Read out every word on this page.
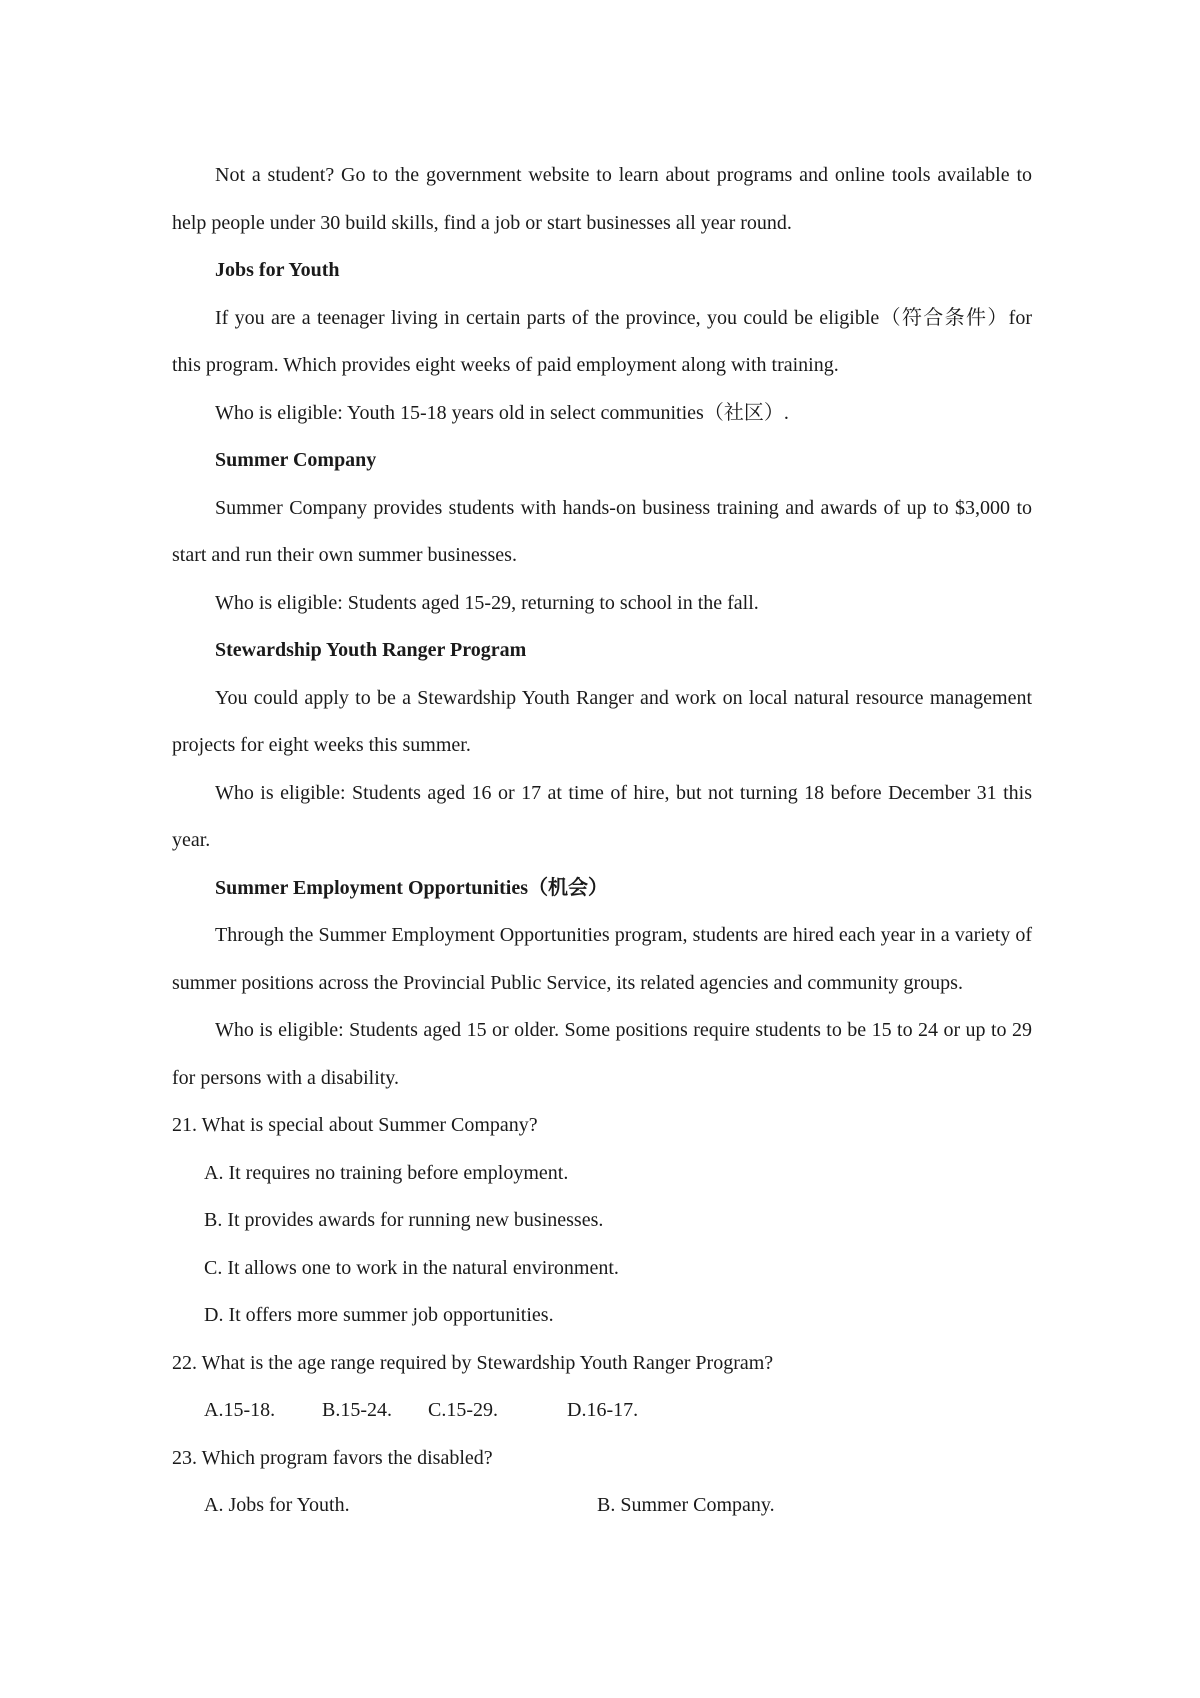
Not a student? Go to the government website to learn about programs and online tools available to help people under 30 build skills, find a job or start businesses all year round.

Jobs for Youth

If you are a teenager living in certain parts of the province, you could be eligible（符合条件）for this program. Which provides eight weeks of paid employment along with training.

Who is eligible: Youth 15-18 years old in select communities（社区）.

Summer Company

Summer Company provides students with hands-on business training and awards of up to $3,000 to start and run their own summer businesses.

Who is eligible: Students aged 15-29, returning to school in the fall.

Stewardship Youth Ranger Program

You could apply to be a Stewardship Youth Ranger and work on local natural resource management projects for eight weeks this summer.

Who is eligible: Students aged 16 or 17 at time of hire, but not turning 18 before December 31 this year.

Summer Employment Opportunities（机会）

Through the Summer Employment Opportunities program, students are hired each year in a variety of summer positions across the Provincial Public Service, its related agencies and community groups.

Who is eligible: Students aged 15 or older. Some positions require students to be 15 to 24 or up to 29 for persons with a disability.

21. What is special about Summer Company?

A. It requires no training before employment.

B. It provides awards for running new businesses.

C. It allows one to work in the natural environment.

D. It offers more summer job opportunities.

22. What is the age range required by Stewardship Youth Ranger Program?

A.15-18.	B.15-24.	C.15-29.	D.16-17.

23. Which program favors the disabled?

A. Jobs for Youth.	B. Summer Company.
